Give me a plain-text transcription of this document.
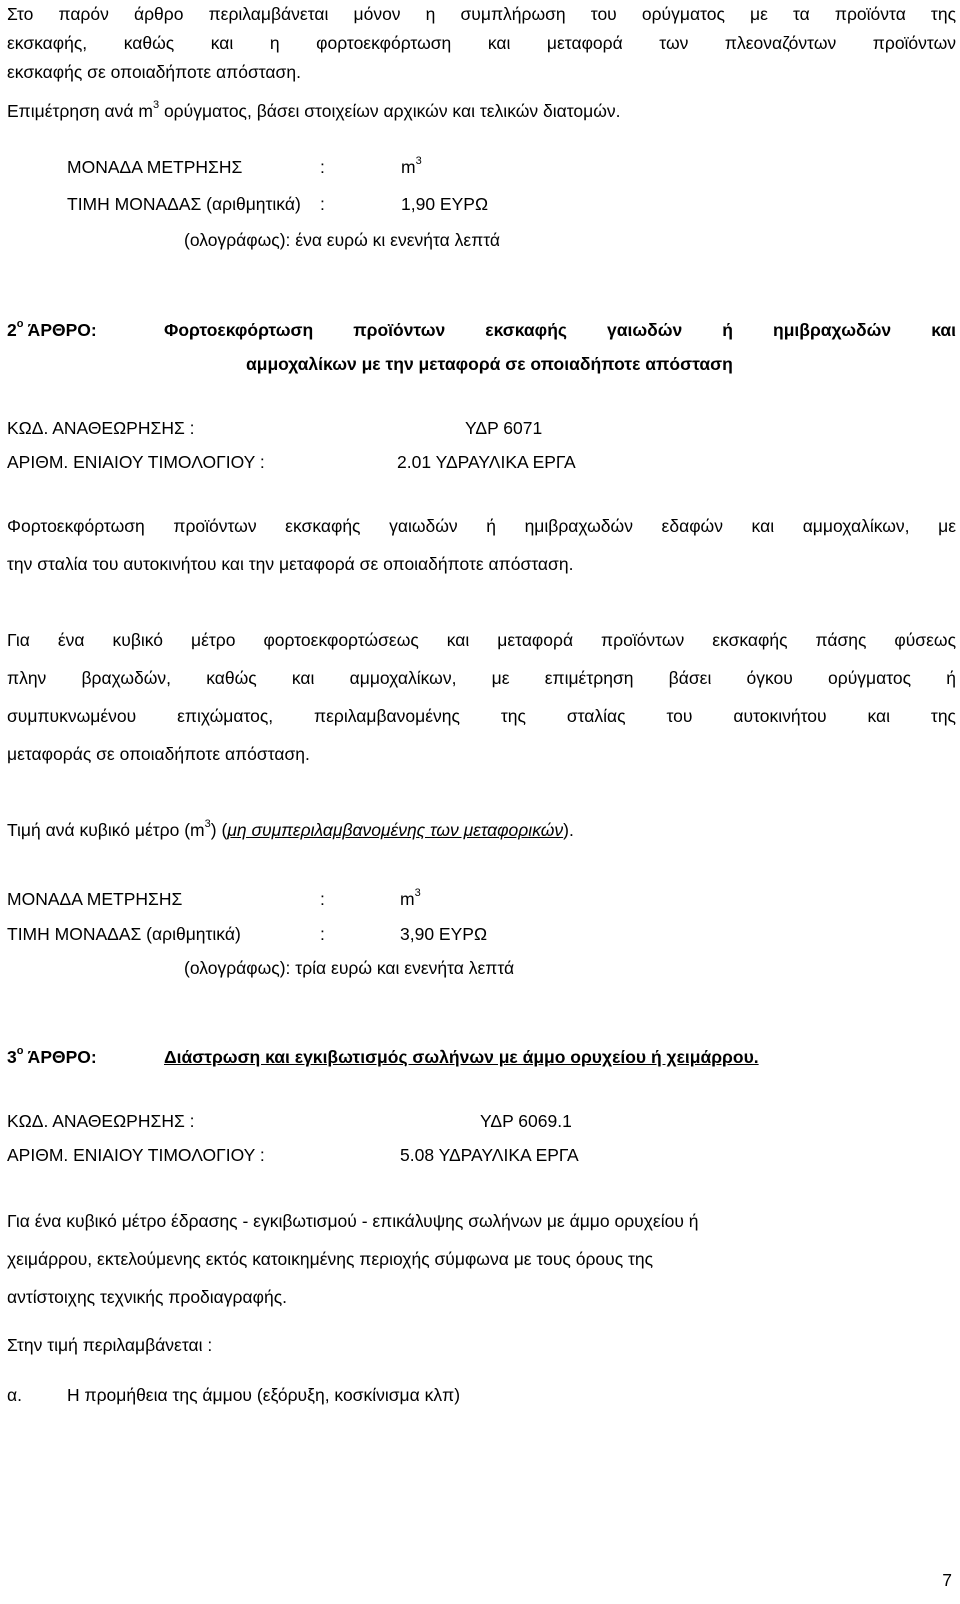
Στο παρόν άρθρο περιλαμβάνεται μόνον η συμπλήρωση του ορύγματος με τα προϊόντα της
εκσκαφής, καθώς και η φορτοεκφόρτωση και μεταφορά των πλεοναζόντων προϊόντων
εκσκαφής σε οποιαδήποτε απόσταση.
Επιμέτρηση ανά $m^3$ ορύγματος, βάσει στοιχείων αρχικών και τελικών διατομών.
ΜΟΝΑΔΑ ΜΕΤΡΗΣΗΣ	:	$m^3$
ΤΙΜΗ ΜΟΝΑΔΑΣ (αριθμητικά) :	1,90 ΕΥΡΩ
(ολογράφως): ένα ευρώ κι ενενήτα λεπτά
$2^o$ ΆΡΘΡΟ:	Φορτοεκφόρτωση προϊόντων εκσκαφής γαιωδών ή ημιβραχωδών και
αμμοχαλίκων με την μεταφορά σε οποιαδήποτε απόσταση
ΚΩΔ. ΑΝΑΘΕΩΡΗΣΗΣ :	ΥΔΡ 6071
ΑΡΙΘΜ. ΕΝΙΑΙΟΥ ΤΙΜΟΛΟΓΙΟΥ :	2.01 ΥΔΡΑΥΛΙΚΑ ΕΡΓΑ
Φορτοεκφόρτωση προϊόντων εκσκαφής γαιωδών ή ημιβραχωδών εδαφών και αμμοχαλίκων, με
την σταλία του αυτοκινήτου και την μεταφορά σε οποιαδήποτε απόσταση.
Για ένα κυβικό μέτρο φορτοεκφορτώσεως και μεταφορά προϊόντων εκσκαφής πάσης φύσεως
πλην βραχωδών, καθώς και αμμοχαλίκων, με επιμέτρηση βάσει όγκου ορύγματος ή
συμπυκνωμένου επιχώματος, περιλαμβανομένης της σταλίας του αυτοκινήτου και της
μεταφοράς σε οποιαδήποτε απόσταση.
Τιμή ανά κυβικό μέτρο $(m^3)$ (μη συμπεριλαμβανομένης των μεταφορικών).
ΜΟΝΑΔΑ ΜΕΤΡΗΣΗΣ	:	$m^3$
ΤΙΜΗ ΜΟΝΑΔΑΣ (αριθμητικά)	:	3,90 ΕΥΡΩ
(ολογράφως): τρία ευρώ και ενενήτα λεπτά
$3^o$ ΆΡΘΡΟ:	Διάστρωση και εγκιβωτισμός σωλήνων με άμμο ορυχείου ή χειμάρρου.
ΚΩΔ. ΑΝΑΘΕΩΡΗΣΗΣ :	ΥΔΡ 6069.1
ΑΡΙΘΜ. ΕΝΙΑΙΟΥ ΤΙΜΟΛΟΓΙΟΥ :	5.08 ΥΔΡΑΥΛΙΚΑ ΕΡΓΑ
Για ένα κυβικό μέτρο έδρασης - εγκιβωτισμού - επικάλυψης σωλήνων με άμμο ορυχείου ή
χειμάρρου, εκτελούμενης εκτός κατοικημένης περιοχής σύμφωνα με τους όρους της
αντίστοιχης τεχνικής προδιαγραφής.
Στην τιμή περιλαμβάνεται :
α.	Η προμήθεια της άμμου (εξόρυξη, κοσκίνισμα κλπ)
7
